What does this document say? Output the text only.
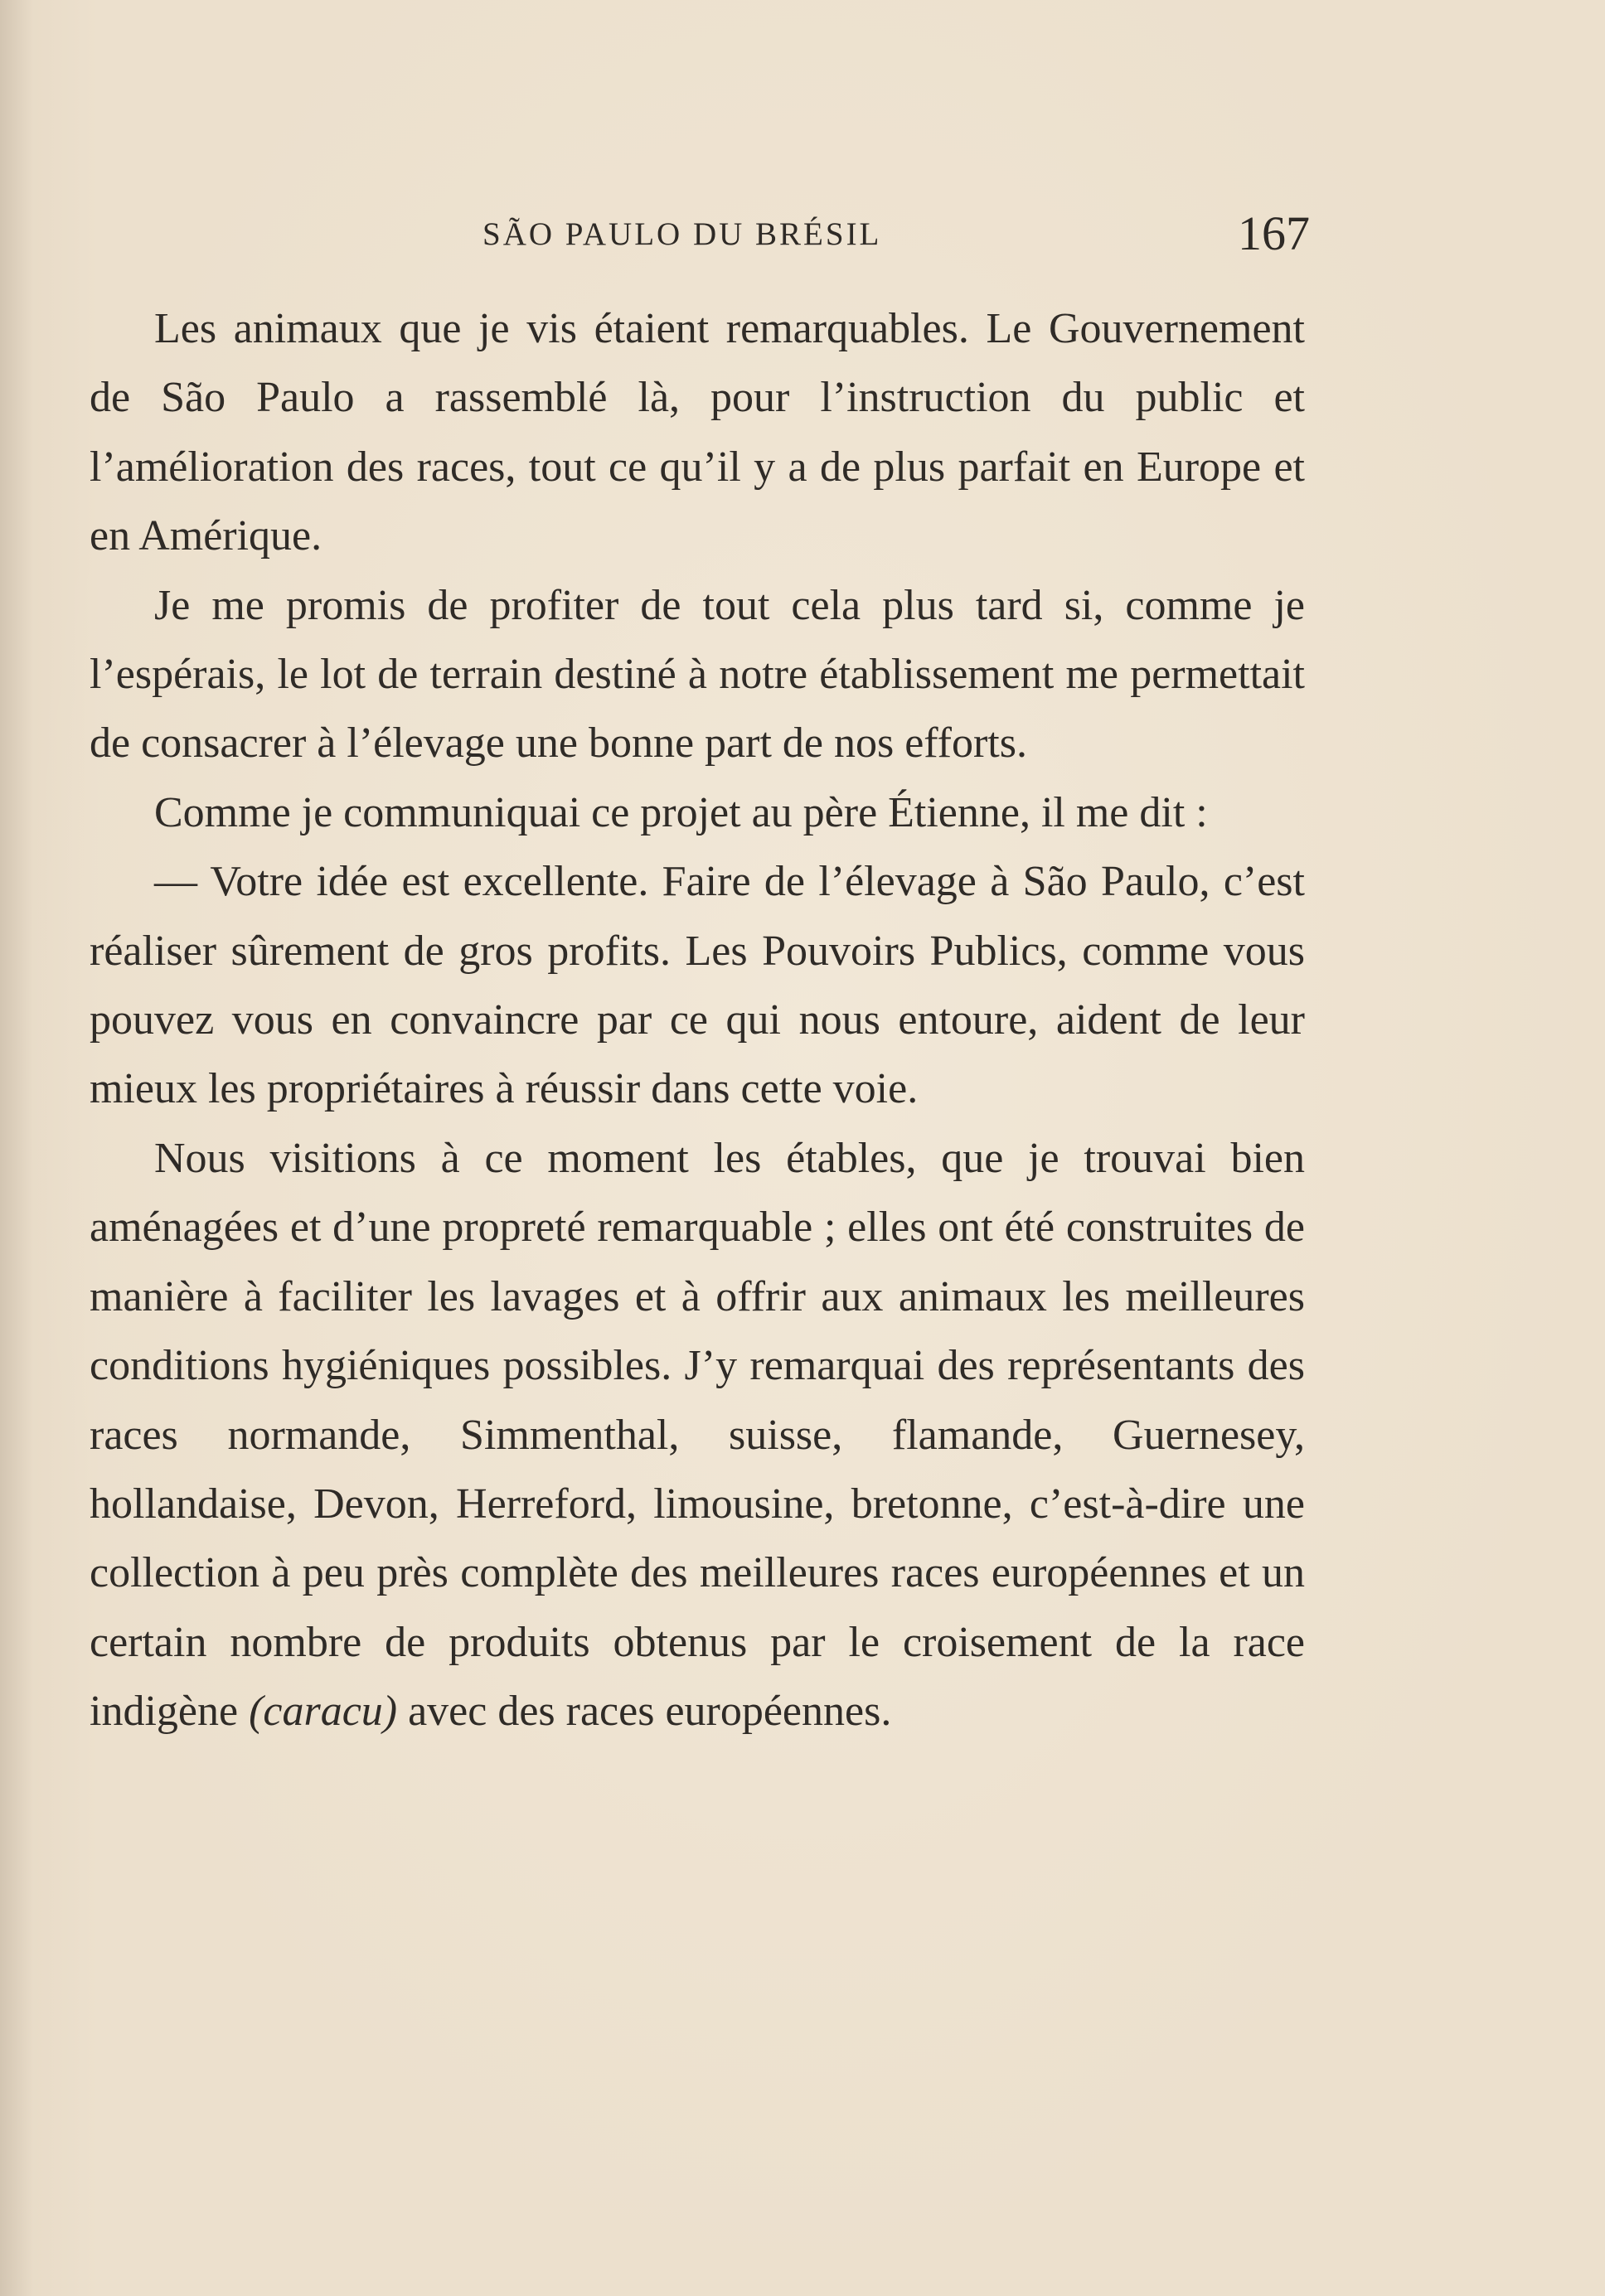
SÃO PAULO DU BRÉSIL	167

Les animaux que je vis étaient remarquables. Le Gouvernement de São Paulo a rassemblé là, pour l’instruction du public et l’amélioration des races, tout ce qu’il y a de plus parfait en Europe et en Amérique.

Je me promis de profiter de tout cela plus tard si, comme je l’espérais, le lot de terrain destiné à notre établissement me permettait de consacrer à l’élevage une bonne part de nos efforts.

Comme je communiquai ce projet au père Étienne, il me dit :

— Votre idée est excellente. Faire de l’élevage à São Paulo, c’est réaliser sûrement de gros profits. Les Pouvoirs Publics, comme vous pouvez vous en convaincre par ce qui nous entoure, aident de leur mieux les propriétaires à réussir dans cette voie.

Nous visitions à ce moment les étables, que je trouvai bien aménagées et d’une propreté remarquable ; elles ont été construites de manière à faciliter les lavages et à offrir aux animaux les meilleures conditions hygiéniques possibles. J’y remarquai des représentants des races normande, Simmenthal, suisse, flamande, Guernesey, hollandaise, Devon, Herreford, limousine, bretonne, c’est-à-dire une collection à peu près complète des meilleures races européennes et un certain nombre de produits obtenus par le croisement de la race indigène (caracu) avec des races européennes.
